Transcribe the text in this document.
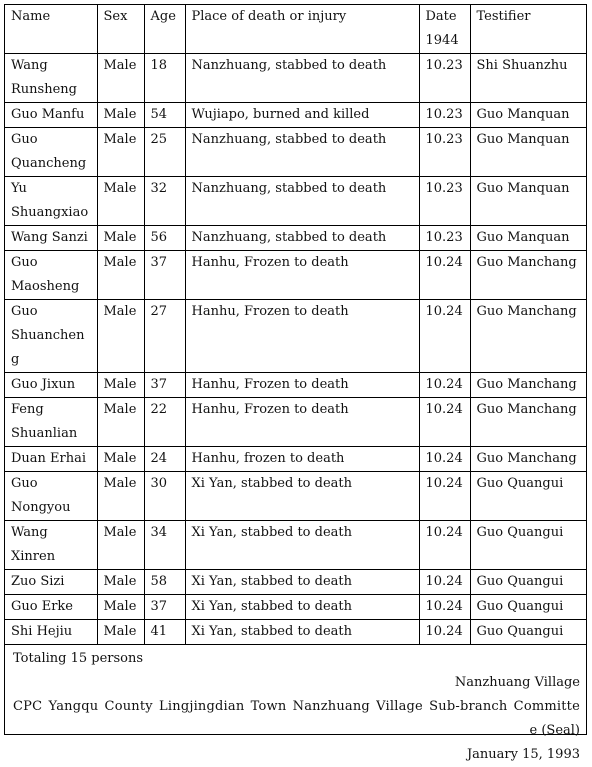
Name	Sex	Age	Place of death or injury	Date 1944	Testifier
Wang Runsheng	Male	18	Nanzhuang, stabbed to death	10.23	Shi Shuanzhu
Guo Manfu	Male	54	Wujiapo, burned and killed	10.23	Guo Manquan
Guo Quancheng	Male	25	Nanzhuang, stabbed to death	10.23	Guo Manquan
Yu Shuangxiao	Male	32	Nanzhuang, stabbed to death	10.23	Guo Manquan
Wang Sanzi	Male	56	Nanzhuang, stabbed to death	10.23	Guo Manquan
Guo Maosheng	Male	37	Hanhu, Frozen to death	10.24	Guo Manchang
Guo Shuancheng	Male	27	Hanhu, Frozen to death	10.24	Guo Manchang
Guo Jixun	Male	37	Hanhu, Frozen to death	10.24	Guo Manchang
Feng Shuanlian	Male	22	Hanhu, Frozen to death	10.24	Guo Manchang
Duan Erhai	Male	24	Hanhu, frozen to death	10.24	Guo Manchang
Guo Nongyou	Male	30	Xi Yan, stabbed to death	10.24	Guo Quangui
Wang Xinren	Male	34	Xi Yan, stabbed to death	10.24	Guo Quangui
Zuo Sizi	Male	58	Xi Yan, stabbed to death	10.24	Guo Quangui
Guo Erke	Male	37	Xi Yan, stabbed to death	10.24	Guo Quangui
Shi Hejiu	Male	41	Xi Yan, stabbed to death	10.24	Guo Quangui
Totaling 15 persons
Nanzhuang Village
CPC Yangqu County Lingjingdian Town Nanzhuang Village Sub-branch Committe
e (Seal)
January 15, 1993
